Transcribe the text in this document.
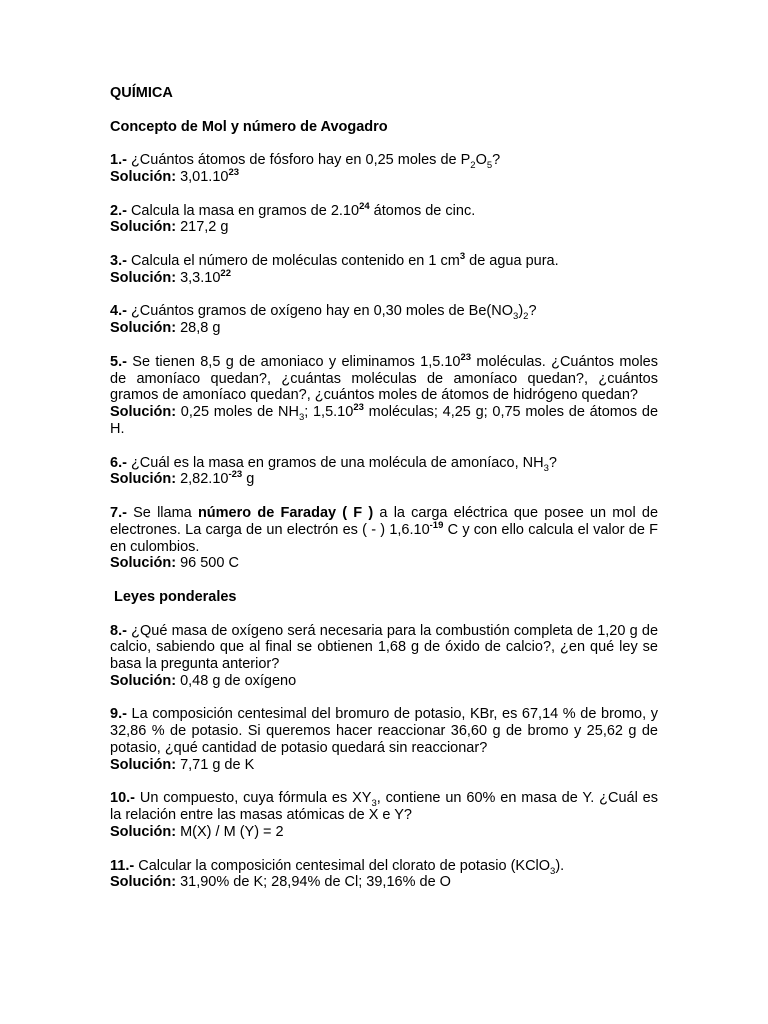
QUÍMICA
Concepto de Mol y número de Avogadro

1.- ¿Cuántos átomos de fósforo hay en 0,25 moles de $P_2O_5$?

Solución: 3,01.10$^{23}$

2.- Calcula la masa en gramos de 2.10$^{24}$ átomos de cinc.

Solución: 217,2 g

3.- Calcula el número de moléculas contenido en 1 $cm^3$ de agua pura.

Solución: 3,3.10$^{22}$

4.- ¿Cuántos gramos de oxígeno hay en 0,30 moles de $Be(NO_3)_2$?

Solución: 28,8 g

5.- Se tienen 8,5 g de amoniaco y eliminamos 1,5.10$^{23}$ moléculas. ¿Cuántos moles de amoníaco quedan?, ¿cuántas moléculas de amoníaco quedan?, ¿cuántos gramos de amoníaco quedan?, ¿cuántos moles de átomos de hidrógeno quedan?

Solución: 0,25 moles de $NH_3$; 1,5.10$^{23}$ moléculas; 4,25 g; 0,75 moles de átomos de H.

6.- ¿Cuál es la masa en gramos de una molécula de amoníaco, $NH_3$?

Solución: $2,82.10^{-23}$ g

7.- Se llama número de Faraday ( F ) a la carga eléctrica que posee un mol de electrones. La carga de un electrón es ( - ) $1,6.10^{-19}$ C y con ello calcula el valor de F en culombios.

Solución: 96 500 C

Leyes ponderales

8.- ¿Qué masa de oxígeno será necesaria para la combustión completa de 1,20 g de calcio, sabiendo que al final se obtienen 1,68 g de óxido de calcio?, ¿en qué ley se basa la pregunta anterior?

Solución: 0,48 g de oxígeno

9.- La composición centesimal del bromuro de potasio, KBr, es 67,14 % de bromo, y 32,86 % de potasio. Si queremos hacer reaccionar 36,60 g de bromo y 25,62 g de potasio, ¿qué cantidad de potasio quedará sin reaccionar?

Solución: 7,71 g de K

10.- Un compuesto, cuya fórmula es $XY_3$, contiene un 60% en masa de Y. ¿Cuál es la relación entre las masas atómicas de X e Y?

Solución: M(X) / M (Y) = 2

11.- Calcular la composición centesimal del clorato de potasio (KClO$_3$).

Solución: 31,90% de K; 28,94% de Cl; 39,16% de O
